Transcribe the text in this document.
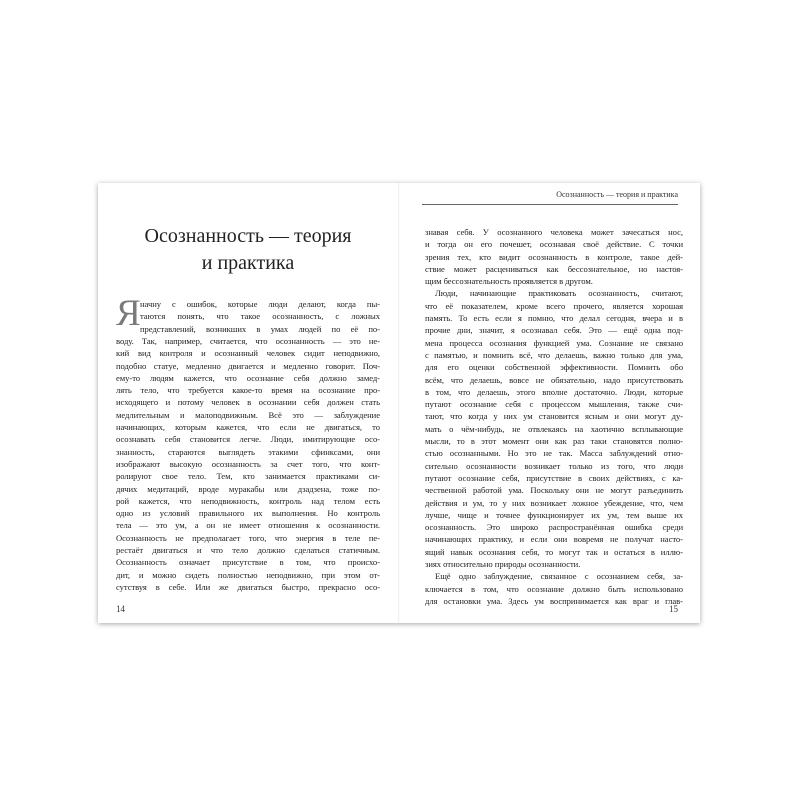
Осознанность — теория
и практика
Я начну с ошибок, которые люди делают, когда пы-
таются понять, что такое осознанность, с ложных
представлений, возникших в умах людей по её по-
воду. Так, например, считается, что осознанность — это не-
кий вид контроля и осознанный человек сидит неподвижно,
подобно статуе, медленно двигается и медленно говорит. Поч-
ему-то людям кажется, что осознание себя должно замед-
лять тело, что требуется какое-то время на осознание про-
исходящего и потому человек в осознании себя должен стать
медлительным и малоподвижным. Всё это — заблуждение
начинающих, которым кажется, что если не двигаться, то
осознавать себя становится легче. Люди, имитирующие осо-
знанность, стараются выглядеть этакими сфинксами, они
изображают высокую осознанность за счет того, что конт-
ролируют свое тело. Тем, кто занимается практиками си-
дячих медитаций, вроде муракабы или дзадзена, тоже по-
рой кажется, что неподвижность, контроль над телом есть
одно из условий правильного их выполнения. Но контроль
тела — это ум, а он не имеет отношения к осознанности.
Осознанность не предполагает того, что энергия в теле пе-
рестаёт двигаться и что тело должно сделаться статичным.
Осознанность означает присутствие в том, что происхо-
дит, и можно сидеть полностью неподвижно, при этом от-
сутствуя в себе. Или же двигаться быстро, прекрасно осо-
14
Осознанность — теория и практика
знавая себя. У осознанного человека может зачесаться нос,
и тогда он его почешет, осознавая своё действие. С точки
зрения тех, кто видит осознанность в контроле, такое дей-
ствие может расцениваться как бессознательное, но настоя-
щим бессознательность проявляется в другом.
Люди, начинающие практиковать осознанность, считают,
что её показателем, кроме всего прочего, является хорошая
память. То есть если я помню, что делал сегодня, вчера и в
прочие дни, значит, я осознавал себя. Это — ещё одна под-
мена процесса осознания функцией ума. Сознание не связано
с памятью, и помнить всё, что делаешь, важно только для ума,
для его оценки собственной эффективности. Помнить обо
всём, что делаешь, вовсе не обязательно, надо присутствовать
в том, что делаешь, этого вполне достаточно. Люди, которые
путают осознание себя с процессом мышления, также счи-
тают, что когда у них ум становится ясным и они могут ду-
мать о чём-нибудь, не отвлекаясь на хаотично всплывающие
мысли, то в этот момент они как раз таки становятся полно-
стью осознанными. Но это не так. Масса заблуждений отно-
сительно осознанности возникает только из того, что люди
путают осознание себя, присутствие в своих действиях, с ка-
чественной работой ума. Поскольку они не могут разъединить
действия и ум, то у них возникает ложное убеждение, что, чем
лучше, чище и точнее функционирует их ум, тем выше их
осознанность. Это широко распространённая ошибка среди
начинающих практику, и если они вовремя не получат насто-
ящий навык осознания себя, то могут так и остаться в иллю-
зиях относительно природы осознанности.
Ещё одно заблуждение, связанное с осознанием себя, за-
ключается в том, что осознание должно быть использовано
для остановки ума. Здесь ум воспринимается как враг и глав-
15
